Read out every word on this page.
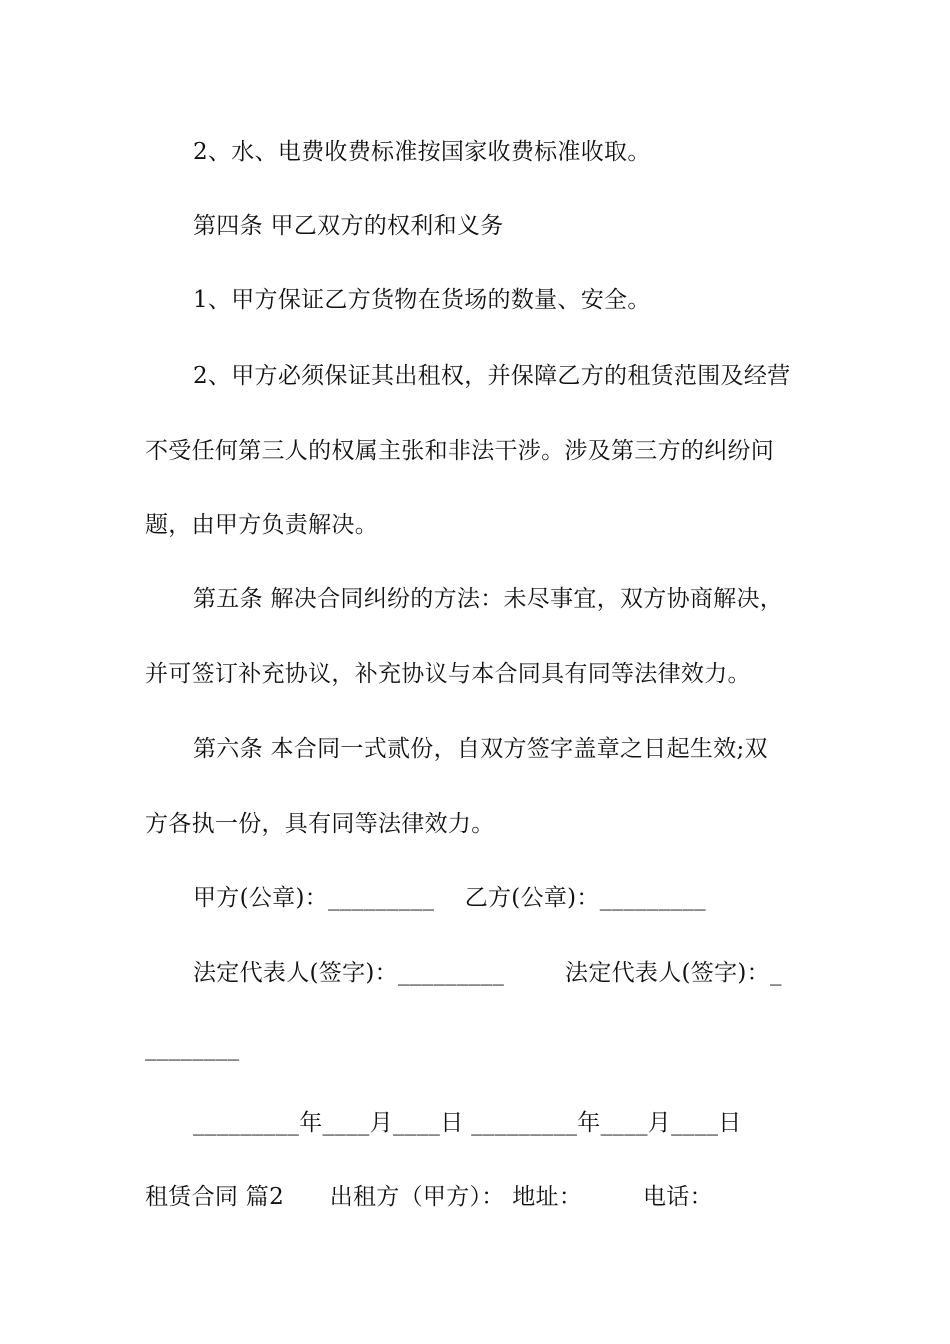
2、水、电费收费标准按国家收费标准收取。
第四条 甲乙双方的权利和义务
1、甲方保证乙方货物在货场的数量、安全。
2、甲方必须保证其出租权，并保障乙方的租赁范围及经营
不受任何第三人的权属主张和非法干涉。涉及第三方的纠纷问
题，由甲方负责解决。
第五条 解决合同纠纷的方法：未尽事宜，双方协商解决，
并可签订补充协议，补充协议与本合同具有同等法律效力。
第六条 本合同一式贰份，自双方签字盖章之日起生效;双
方各执一份，具有同等法律效力。
甲方(公章)：_________    乙方(公章)：_________
法定代表人(签字)：_________        法定代表人(签字)：_
________
_________年____月____日 _________年____月____日
租赁合同 篇2      出租方（甲方）： 地址：        电话：
